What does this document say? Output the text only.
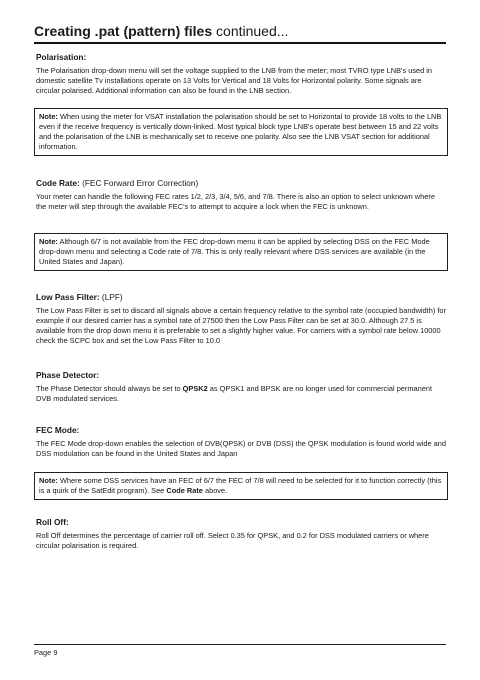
Creating .pat (pattern) files continued...

Polarisation:

The Polarisation drop-down menu will set the voltage supplied to the LNB from the meter; most TVRO type LNB's used in domestic satellite Tv installations operate on 13 Volts for Vertical and 18 Volts for Horizontal polarity. Some signals are circular polarised. Additional information can also be found in the LNB section.

Note: When using the meter for VSAT installation the polarisation should be set to Horizontal to provide 18 volts to the LNB even if the receive frequency is vertically down-linked. Most typical block type LNB's operate best between 15 and 22 volts and the polarisation of the LNB is mechanically set to receive one polarity. Also see the LNB VSAT section for additional information.

Code Rate: (FEC Forward Error Correction)

Your meter can handle the following FEC rates 1/2, 2/3, 3/4, 5/6, and 7/8. There is also an option to select unknown where the meter will step through the available FEC's to attempt to acquire a lock when the FEC is unknown.

Note: Although 6/7 is not available from the FEC drop-down menu it can be applied by selecting DSS on the FEC Mode drop-down menu and selecting a Code rate of 7/8. This is only really relevant where DSS services are available (in the United States and Japan).

Low Pass Filter: (LPF)

The Low Pass Filter is set to discard all signals above a certain frequency relative to the symbol rate (occupied bandwidth) for example if our desired carrier has a symbol rate of 27500 then the Low Pass Filter can be set at 30.0. Although 27.5 is available from the drop down menu it is preferable to set a slightly higher value. For carriers with a symbol rate below 10000 check the SCPC box and set the Low Pass Filter to 10.0

Phase Detector:

The Phase Detector should always be set to QPSK2 as QPSK1 and BPSK are no longer used for commercial permanent DVB modulated services.

FEC Mode:

The FEC Mode drop-down enables the selection of DVB(QPSK) or DVB (DSS) the QPSK modulation is found world wide and DSS modulation can be found in the United States and Japan

Note: Where some DSS services have an FEC of 6/7 the FEC of 7/8 will need to be selected for it to function correctly (this is a quirk of the SatEdit program). See Code Rate above.

Roll Off:

Roll Off determines the percentage of carrier roll off. Select 0.35 for QPSK, and 0.2 for DSS modulated carriers or where circular polarisation is required.

Page 9
